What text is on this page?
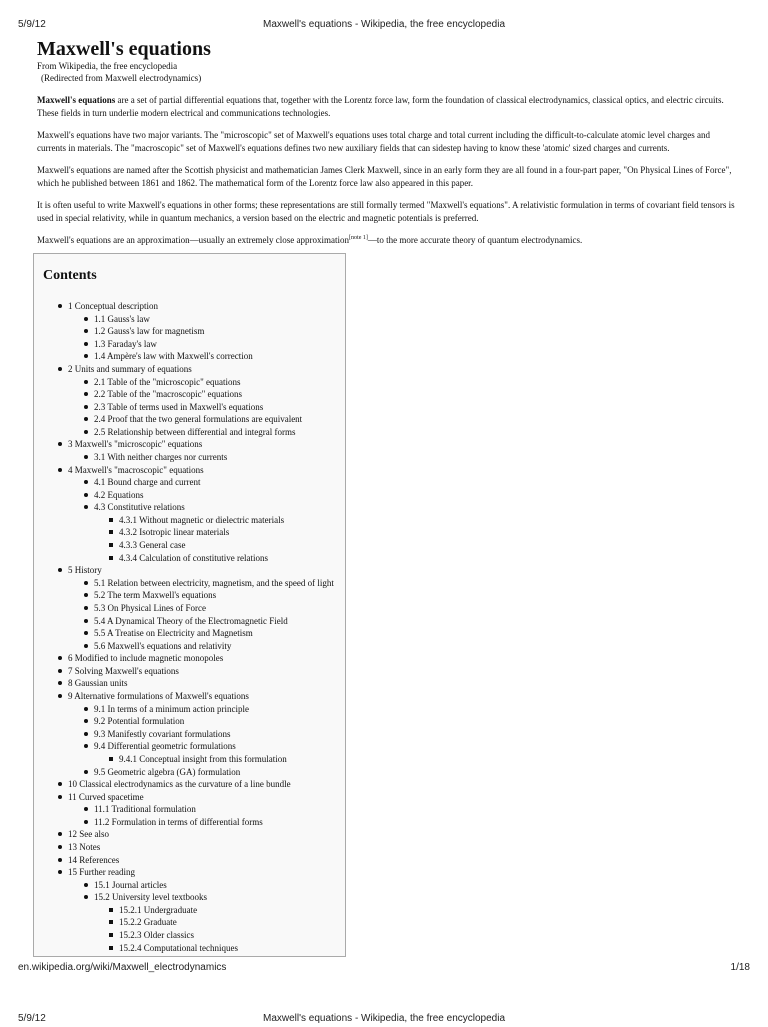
5/9/12	Maxwell's equations - Wikipedia, the free encyclopedia
Maxwell's equations
From Wikipedia, the free encyclopedia
(Redirected from Maxwell electrodynamics)

Maxwell's equations are a set of partial differential equations that, together with the Lorentz force law, form the foundation of classical electrodynamics, classical optics, and electric circuits. These fields in turn underlie modern electrical and communications technologies.

Maxwell's equations have two major variants. The "microscopic" set of Maxwell's equations uses total charge and total current including the difficult-to-calculate atomic level charges and currents in materials. The "macroscopic" set of Maxwell's equations defines two new auxiliary fields that can sidestep having to know these 'atomic' sized charges and currents.

Maxwell's equations are named after the Scottish physicist and mathematician James Clerk Maxwell, since in an early form they are all found in a four-part paper, "On Physical Lines of Force", which he published between 1861 and 1862. The mathematical form of the Lorentz force law also appeared in this paper.

It is often useful to write Maxwell's equations in other forms; these representations are still formally termed "Maxwell's equations". A relativistic formulation in terms of covariant field tensors is used in special relativity, while in quantum mechanics, a version based on the electric and magnetic potentials is preferred.

Maxwell's equations are an approximation—usually an extremely close approximation[note 1]—to the more accurate theory of quantum electrodynamics.

Contents
1 Conceptual description
1.1 Gauss's law
1.2 Gauss's law for magnetism
1.3 Faraday's law
1.4 Ampère's law with Maxwell's correction
2 Units and summary of equations
2.1 Table of the "microscopic" equations
2.2 Table of the "macroscopic" equations
2.3 Table of terms used in Maxwell's equations
2.4 Proof that the two general formulations are equivalent
2.5 Relationship between differential and integral forms
3 Maxwell's "microscopic" equations
3.1 With neither charges nor currents
4 Maxwell's "macroscopic" equations
4.1 Bound charge and current
4.2 Equations
4.3 Constitutive relations
4.3.1 Without magnetic or dielectric materials
4.3.2 Isotropic linear materials
4.3.3 General case
4.3.4 Calculation of constitutive relations
5 History
5.1 Relation between electricity, magnetism, and the speed of light
5.2 The term Maxwell's equations
5.3 On Physical Lines of Force
5.4 A Dynamical Theory of the Electromagnetic Field
5.5 A Treatise on Electricity and Magnetism
5.6 Maxwell's equations and relativity
6 Modified to include magnetic monopoles
7 Solving Maxwell's equations
8 Gaussian units
9 Alternative formulations of Maxwell's equations
9.1 In terms of a minimum action principle
9.2 Potential formulation
9.3 Manifestly covariant formulations
9.4 Differential geometric formulations
9.4.1 Conceptual insight from this formulation
9.5 Geometric algebra (GA) formulation
10 Classical electrodynamics as the curvature of a line bundle
11 Curved spacetime
11.1 Traditional formulation
11.2 Formulation in terms of differential forms
12 See also
13 Notes
14 References
15 Further reading
15.1 Journal articles
15.2 University level textbooks
15.2.1 Undergraduate
15.2.2 Graduate
15.2.3 Older classics
15.2.4 Computational techniques
en.wikipedia.org/wiki/Maxwell_electrodynamics	1/18
5/9/12	Maxwell's equations - Wikipedia, the free encyclopedia
